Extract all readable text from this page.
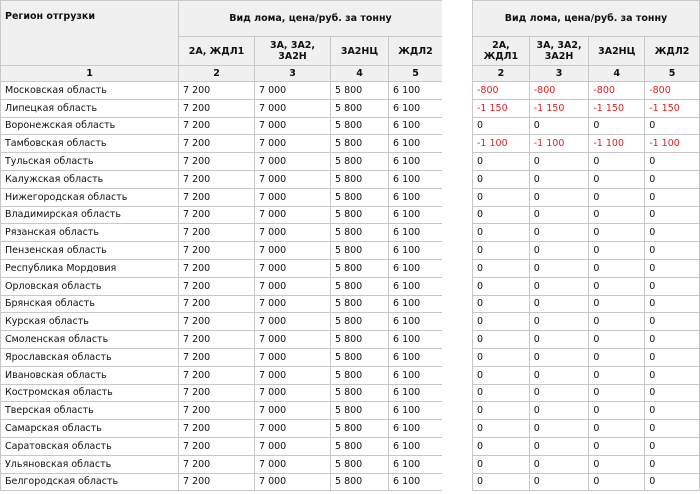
Регион отгрузки	Вид лома, цена/руб. за тонну			
	2А, ЖДЛ1	3А, 3А2, 3А2Н	3А2НЦ	ЖДЛ2
1	2	3	4	5
Московская область	7 200	7 000	5 800	6 100
Липецкая область	7 200	7 000	5 800	6 100
Воронежская область	7 200	7 000	5 800	6 100
Тамбовская область	7 200	7 000	5 800	6 100
Тульская область	7 200	7 000	5 800	6 100
Калужская область	7 200	7 000	5 800	6 100
Нижегородская область	7 200	7 000	5 800	6 100
Владимирская область	7 200	7 000	5 800	6 100
Рязанская область	7 200	7 000	5 800	6 100
Пензенская область	7 200	7 000	5 800	6 100
Республика Мордовия	7 200	7 000	5 800	6 100
Орловская область	7 200	7 000	5 800	6 100
Брянская область	7 200	7 000	5 800	6 100
Курская область	7 200	7 000	5 800	6 100
Смоленская область	7 200	7 000	5 800	6 100
Ярославская область	7 200	7 000	5 800	6 100
Ивановская область	7 200	7 000	5 800	6 100
Костромская область	7 200	7 000	5 800	6 100
Тверская область	7 200	7 000	5 800	6 100
Самарская область	7 200	7 000	5 800	6 100
Саратовская область	7 200	7 000	5 800	6 100
Ульяновская область	7 200	7 000	5 800	6 100
Белгородская область	7 200	7 000	5 800	6 100
Вид лома, цена/руб. за тонну			
2А, ЖДЛ1	3А, 3А2, 3А2Н	3А2НЦ	ЖДЛ2
2	3	4	5
-800	-800	-800	-800
-1 150	-1 150	-1 150	-1 150
0	0	0	0
-1 100	-1 100	-1 100	-1 100
0	0	0	0
0	0	0	0
0	0	0	0
0	0	0	0
0	0	0	0
0	0	0	0
0	0	0	0
0	0	0	0
0	0	0	0
0	0	0	0
0	0	0	0
0	0	0	0
0	0	0	0
0	0	0	0
0	0	0	0
0	0	0	0
0	0	0	0
0	0	0	0
0	0	0	0
